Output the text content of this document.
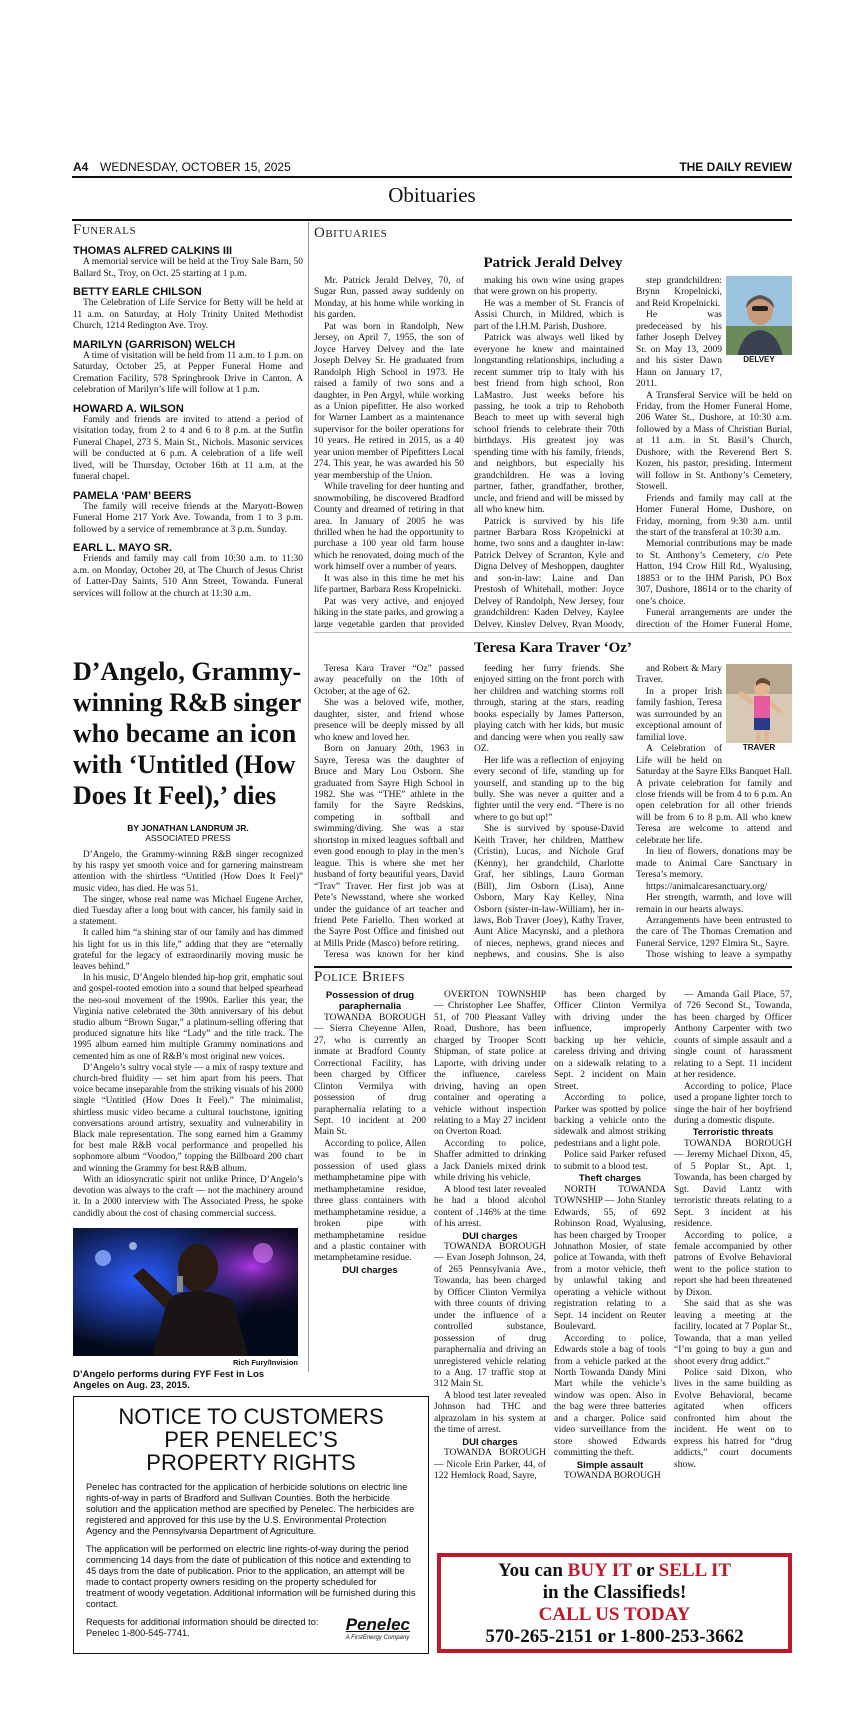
A4 WEDNESDAY, OCTOBER 15, 2025	THE DAILY REVIEW
Obituaries
Funerals
THOMAS ALFRED CALKINS III
A memorial service will be held at the Troy Sale Barn, 50 Ballard St., Troy, on Oct. 25 starting at 1 p.m.
BETTY EARLE CHILSON
The Celebration of Life Service for Betty will be held at 11 a.m. on Saturday, at Holy Trinity United Methodist Church, 1214 Redington Ave. Troy.
MARILYN (GARRISON) WELCH
A time of visitation will be held from 11 a.m. to 1 p.m. on Saturday, October 25, at Pepper Funeral Home and Cremation Facility, 578 Springbrook Drive in Canton. A celebration of Marilyn’s life will follow at 1 p.m.
HOWARD A. WILSON
Family and friends are invited to attend a period of visitation today, from 2 to 4 and 6 to 8 p.m. at the Sutfin Funeral Chapel, 273 S. Main St., Nichols. Masonic services will be conducted at 6 p.m. A celebration of a life well lived, will be Thursday, October 16th at 11 a.m. at the funeral chapel.
PAMELA ‘PAM’ BEERS
The family will receive friends at the Maryott-Bowen Funeral Home 217 York Ave. Towanda, from 1 to 3 p.m. followed by a service of remembrance at 3 p.m. Sunday.
EARL L. MAYO SR.
Friends and family may call from 10:30 a.m. to 11:30 a.m. on Monday, October 20, at The Church of Jesus Christ of Latter-Day Saints, 510 Ann Street, Towanda. Funeral services will follow at the church at 11:30 a.m.
D’Angelo, Grammy-winning R&B singer who became an icon with ‘Untitled (How Does It Feel),’ dies
BY JONATHAN LANDRUM JR.
ASSOCIATED PRESS

D’Angelo, the Grammy-winning R&B singer recognized by his raspy yet smooth voice and for garnering mainstream attention with the shirtless “Untitled (How Does It Feel)” music video, has died. He was 51.

The singer, whose real name was Michael Eugene Archer, died Tuesday after a long bout with cancer, his family said in a statement.

It called him “a shining star of our family and has dimmed his light for us in this life,” adding that they are “eternally grateful for the legacy of extraordinarily moving music he leaves behind.”

In his music, D’Angelo blended hip-hop grit, emphatic soul and gospel-rooted emotion into a sound that helped spearhead the neo-soul movement of the 1990s. Earlier this year, the Virginia native celebrated the 30th anniversary of his debut studio album “Brown Sugar,” a platinum-selling offering that produced signature hits like “Lady” and the title track. The 1995 album earned him multiple Grammy nominations and cemented him as one of R&B’s most original new voices.

D’Angelo’s sultry vocal style — a mix of raspy texture and church-bred fluidity — set him apart from his peers. That voice became inseparable from the striking visuals of his 2000 single “Untitled (How Does It Feel).” The minimalist, shirtless music video became a cultural touchstone, igniting conversations around artistry, sexuality and vulnerability in Black male representation. The song earned him a Grammy for best male R&B vocal performance and propelled his sophomore album “Voodoo,” topping the Billboard 200 chart and winning the Grammy for best R&B album.

With an idiosyncratic spirit not unlike Prince, D’Angelo’s devotion was always to the craft — not the machinery around it. In a 2000 interview with The Associated Press, he spoke candidly about the cost of chasing commercial success.

Rich Fury/Invision
D’Angelo performs during FYF Fest in Los Angeles on Aug. 23, 2015.
Obituaries
Patrick Jerald Delvey

Mr. Patrick Jerald Delvey, 70, of Sugar Run, passed away suddenly on Monday, at his home while working in his garden.

Pat was born in Randolph, New Jersey, on April 7, 1955, the son of Joyce Harvey Delvey and the late Joseph Delvey Sr. He graduated from Randolph High School in 1973. He raised a family of two sons and a daughter, in Pen Argyl, while working as a Union pipefitter. He also worked for Warner Lambert as a maintenance supervisor for the boiler operations for 10 years. He retired in 2015, as a 40 year union member of Pipefitters Local 274. This year, he was awarded his 50 year membership of the Union.

While traveling for deer hunting and snowmobiling, he discovered Bradford County and dreamed of retiring in that area. In January of 2005 he was thrilled when he had the opportunity to purchase a 100 year old farm house which he renovated, doing much of the work himself over a number of years.

It was also in this time he met his life partner, Barbara Ross Kropelnicki.

Pat was very active, and enjoyed hiking in the state parks, and growing a large vegetable garden that provided

making his own wine using grapes that were grown on his property.

He was a member of St. Francis of Assisi Church, in Mildred, which is part of the I.H.M. Parish, Dushore.

Patrick was always well liked by everyone he knew and maintained longstanding relationships, including a recent summer trip to Italy with his best friend from high school, Ron LaMastro. Just weeks before his passing, he took a trip to Rehoboth Beach to meet up with several high school friends to celebrate their 70th birthdays. His greatest joy was spending time with his family, friends, and neighbors, but especially his grandchildren. He was a loving partner, father, grandfather, brother, uncle, and friend and will be missed by all who knew him.

Patrick is survived by his life partner Barbara Ross Kropelnicki at home, two sons and a daughter in-law: Patrick Delvey of Scranton, Kyle and Digna Delvey of Meshoppen, daughter and son-in-law: Laine and Dan Prestosh of Whitehall, mother: Joyce Delvey of Randolph, New Jersey, four grandchildren: Kaden Delvey, Kaylee Delvey, Kinsley Delvey, Ryan Moody,

DELVEY

step grandchildren: Brynn Kropelnicki, and Reid Kropelnicki.

He was predeceased by his father Joseph Delvey Sr. on May 13, 2009 and his sister Dawn Hann on January 17, 2011.

A Transferal Service will be held on Friday, from the Homer Funeral Home, 206 Water St., Dushore, at 10:30 a.m. followed by a Mass of Christian Burial, at 11 a.m. in St. Basil’s Church, Dushore, with the Reverend Bert S. Kozen, his pastor, presiding. Interment will follow in St. Anthony’s Cemetery, Stowell.

Friends and family may call at the Homer Funeral Home, Dushore, on Friday, morning, from 9:30 a.m. until the start of the transferal at 10:30 a.m.

Memorial contributions may be made to St. Anthony’s Cemetery, c/o Pete Hatton, 194 Crow Hill Rd., Wyalusing, 18853 or to the IHM Parish, PO Box 307, Dushore, 18614 or to the charity of one’s choice.

Funeral arrangements are under the direction of the Homer Funeral Home,

Teresa Kara Traver ‘Oz’

Teresa Kara Traver “Oz” passed away peacefully on the 10th of October, at the age of 62.

She was a beloved wife, mother, daughter, sister, and friend whose presence will be deeply missed by all who knew and loved her.

Born on January 20th, 1963 in Sayre, Teresa was the daughter of Bruce and Mary Lou Osborn. She graduated from Sayre High School in 1982. She was “THE” athlete in the family for the Sayre Redskins, competing in softball and swimming/diving. She was a star shortstop in mixed leagues softball and even good enough to play in the men’s league. This is where she met her husband of forty beautiful years, David “Trav” Traver. Her first job was at Pete’s Newsstand, where she worked under the guidance of art teacher and friend Pete Fariello. Then worked at the Sayre Post Office and finished out at Mills Pride (Masco) before retiring.

Teresa was known for her kind

feeding her furry friends. She enjoyed sitting on the front porch with her children and watching storms roll through, staring at the stars, reading books especially by James Patterson, playing catch with her kids, but music and dancing were when you really saw OZ.

Her life was a reflection of enjoying every second of life, standing up for yourself, and standing up to the big bully. She was never a quitter and a fighter until the very end. “There is no where to go but up!”

She is survived by spouse-David Keith Traver, her children, Matthew (Cristin), Lucas, and Nichole Graf (Kenny), her grandchild, Charlotte Graf, her siblings, Laura Gorman (Bill), Jim Osborn (Lisa), Anne Osborn, Mary Kay Kelley, Nina Osborn (sister-in-law-William), her in-laws, Bob Traver (Joey), Kathy Traver, Aunt Alice Macynski, and a plethora of nieces, nephews, grand nieces and nephews, and cousins. She is also

TRAVER

and Robert & Mary Traver.

In a proper Irish family fashion, Teresa was surrounded by an exceptional amount of familial love.

A Celebration of Life will be held on Saturday at the Sayre Elks Banquet Hall. A private celebration for family and close friends will be from 4 to 6 p.m. An open celebration for all other friends will be from 6 to 8 p.m. All who knew Teresa are welcome to attend and celebrate her life.

In lieu of flowers, donations may be made to Animal Care Sanctuary in Teresa’s memory.

https://animalcaresanctuary.org/

Her strength, warmth, and love will remain in our hearts always.

Arrangements have been entrusted to the care of The Thomas Cremation and Funeral Service, 1297 Elmira St., Sayre.

Those wishing to leave a sympathy

Police Briefs
Possession of drug paraphernalia

TOWANDA BOROUGH — Sierra Cheyenne Allen, 27, who is currently an inmate at Bradford County Correctional Facility, has been charged by Officer Clinton Vermilya with possession of drug paraphernalia relating to a Sept. 10 incident at 200 Main St.

According to police, Allen was found to be in possession of used glass methamphetamine pipe with methamphetamine residue, three glass containers with methamphetamine residue, a broken pipe with methamphetamine residue and a plastic container with metamphetamine residue.

DUI charges

OVERTON TOWNSHIP — Christopher Lee Shaffer, 51, of 700 Pleasant Valley Road, Dushore, has been charged by Trooper Scott Shipman, of state police at Laporte, with driving under the influence, careless driving, having an open container and operating a vehicle without inspection relating to a May 27 incident on Overton Road.

According to police, Shaffer admitted to drinking a Jack Daniels mixed drink while driving his vehicle.

A blood test later revealed he had a blood alcohol content of .146% at the time of his arrest.

DUI charges

TOWANDA BOROUGH — Evan Joseph Johnson, 24, of 265 Pennsylvania Ave., Towanda, has been charged by Officer Clinton Vermilya with three counts of driving under the influence of a controlled substance, possession of drug paraphernalia and driving an unregistered vehicle relating to a Aug. 17 traffic stop at 312 Main St.

A blood test later revealed Johnson had THC and alprazolam in his system at the time of arrest.

DUI charges

TOWANDA BOROUGH — Nicole Erin Parker, 44, of 122 Hemlock Road, Sayre,

has been charged by Officer Clinton Vermilya with driving under the influence, improperly backing up her vehicle, careless driving and driving on a sidewalk relating to a Sept. 2 incident on Main Street.

According to police, Parker was spotted by police backing a vehicle onto the sidewalk and almost striking pedestrians and a light pole.

Police said Parker refused to submit to a blood test.

Theft charges

NORTH TOWANDA TOWNSHIP — John Stanley Edwards, 55, of 692 Robinson Road, Wyalusing, has been charged by Trooper Johnathon Mosier, of state police at Towanda, with theft from a motor vehicle, theft by unlawful taking and operating a vehicle without registration relating to a Sept. 14 incident on Reuter Boulevard.

According to police, Edwards stole a bag of tools from a vehicle parked at the North Towanda Dandy Mini Mart while the vehicle’s window was open. Also in the bag were three batteries and a charger. Police said video surveillance from the store showed Edwards committing the theft.

Simple assault

TOWANDA BOROUGH

— Amanda Gail Place, 57, of 726 Second St., Towanda, has been charged by Officer Anthony Carpenter with two counts of simple assault and a single count of harassment relating to a Sept. 11 incident at her residence.

According to police, Place used a propane lighter torch to singe the hair of her boyfriend during a domestic dispute.

Terroristic threats

TOWANDA BOROUGH — Jeremy Michael Dixon, 45, of 5 Poplar St., Apt. 1, Towanda, has been charged by Sgt. David Lantz with terroristic threats relating to a Sept. 3 incident at his residence.

According to police, a female accompanied by other patrons of Evolve Behavioral went to the police station to report she had been threatened by Dixon.

She said that as she was leaving a meeting at the facility, located at 7 Poplar St., Towanda, that a man yelled “I’m going to buy a gun and shoot every drug addict.”

Police said Dixon, who lives in the same building as Evolve Behavioral, became agitated when officers confronted him about the incident. He went on to express his hatred for “drug addicts,” court documents show.

NOTICE TO CUSTOMERS
PER PENELEC’S
PROPERTY RIGHTS
Penelec has contracted for the application of herbicide solutions on electric line rights-of-way in parts of Bradford and Sullivan Counties. Both the herbicide solution and the application method are specified by Penelec. The herbicides are registered and approved for this use by the U.S. Environmental Protection Agency and the Pennsylvania Department of Agriculture.
The application will be performed on electric line rights-of-way during the period commencing 14 days from the date of publication of this notice and extending to 45 days from the date of publication. Prior to the application, an attempt will be made to contact property owners residing on the property scheduled for treatment of woody vegetation. Additional information will be furnished during this contact.
Requests for additional information should be directed to:
Penelec 1-800-545-7741.	Penelec
A FirstEnergy Company
You can BUY IT or SELL IT
in the Classifieds!
CALL US TODAY
570-265-2151 or 1-800-253-3662
